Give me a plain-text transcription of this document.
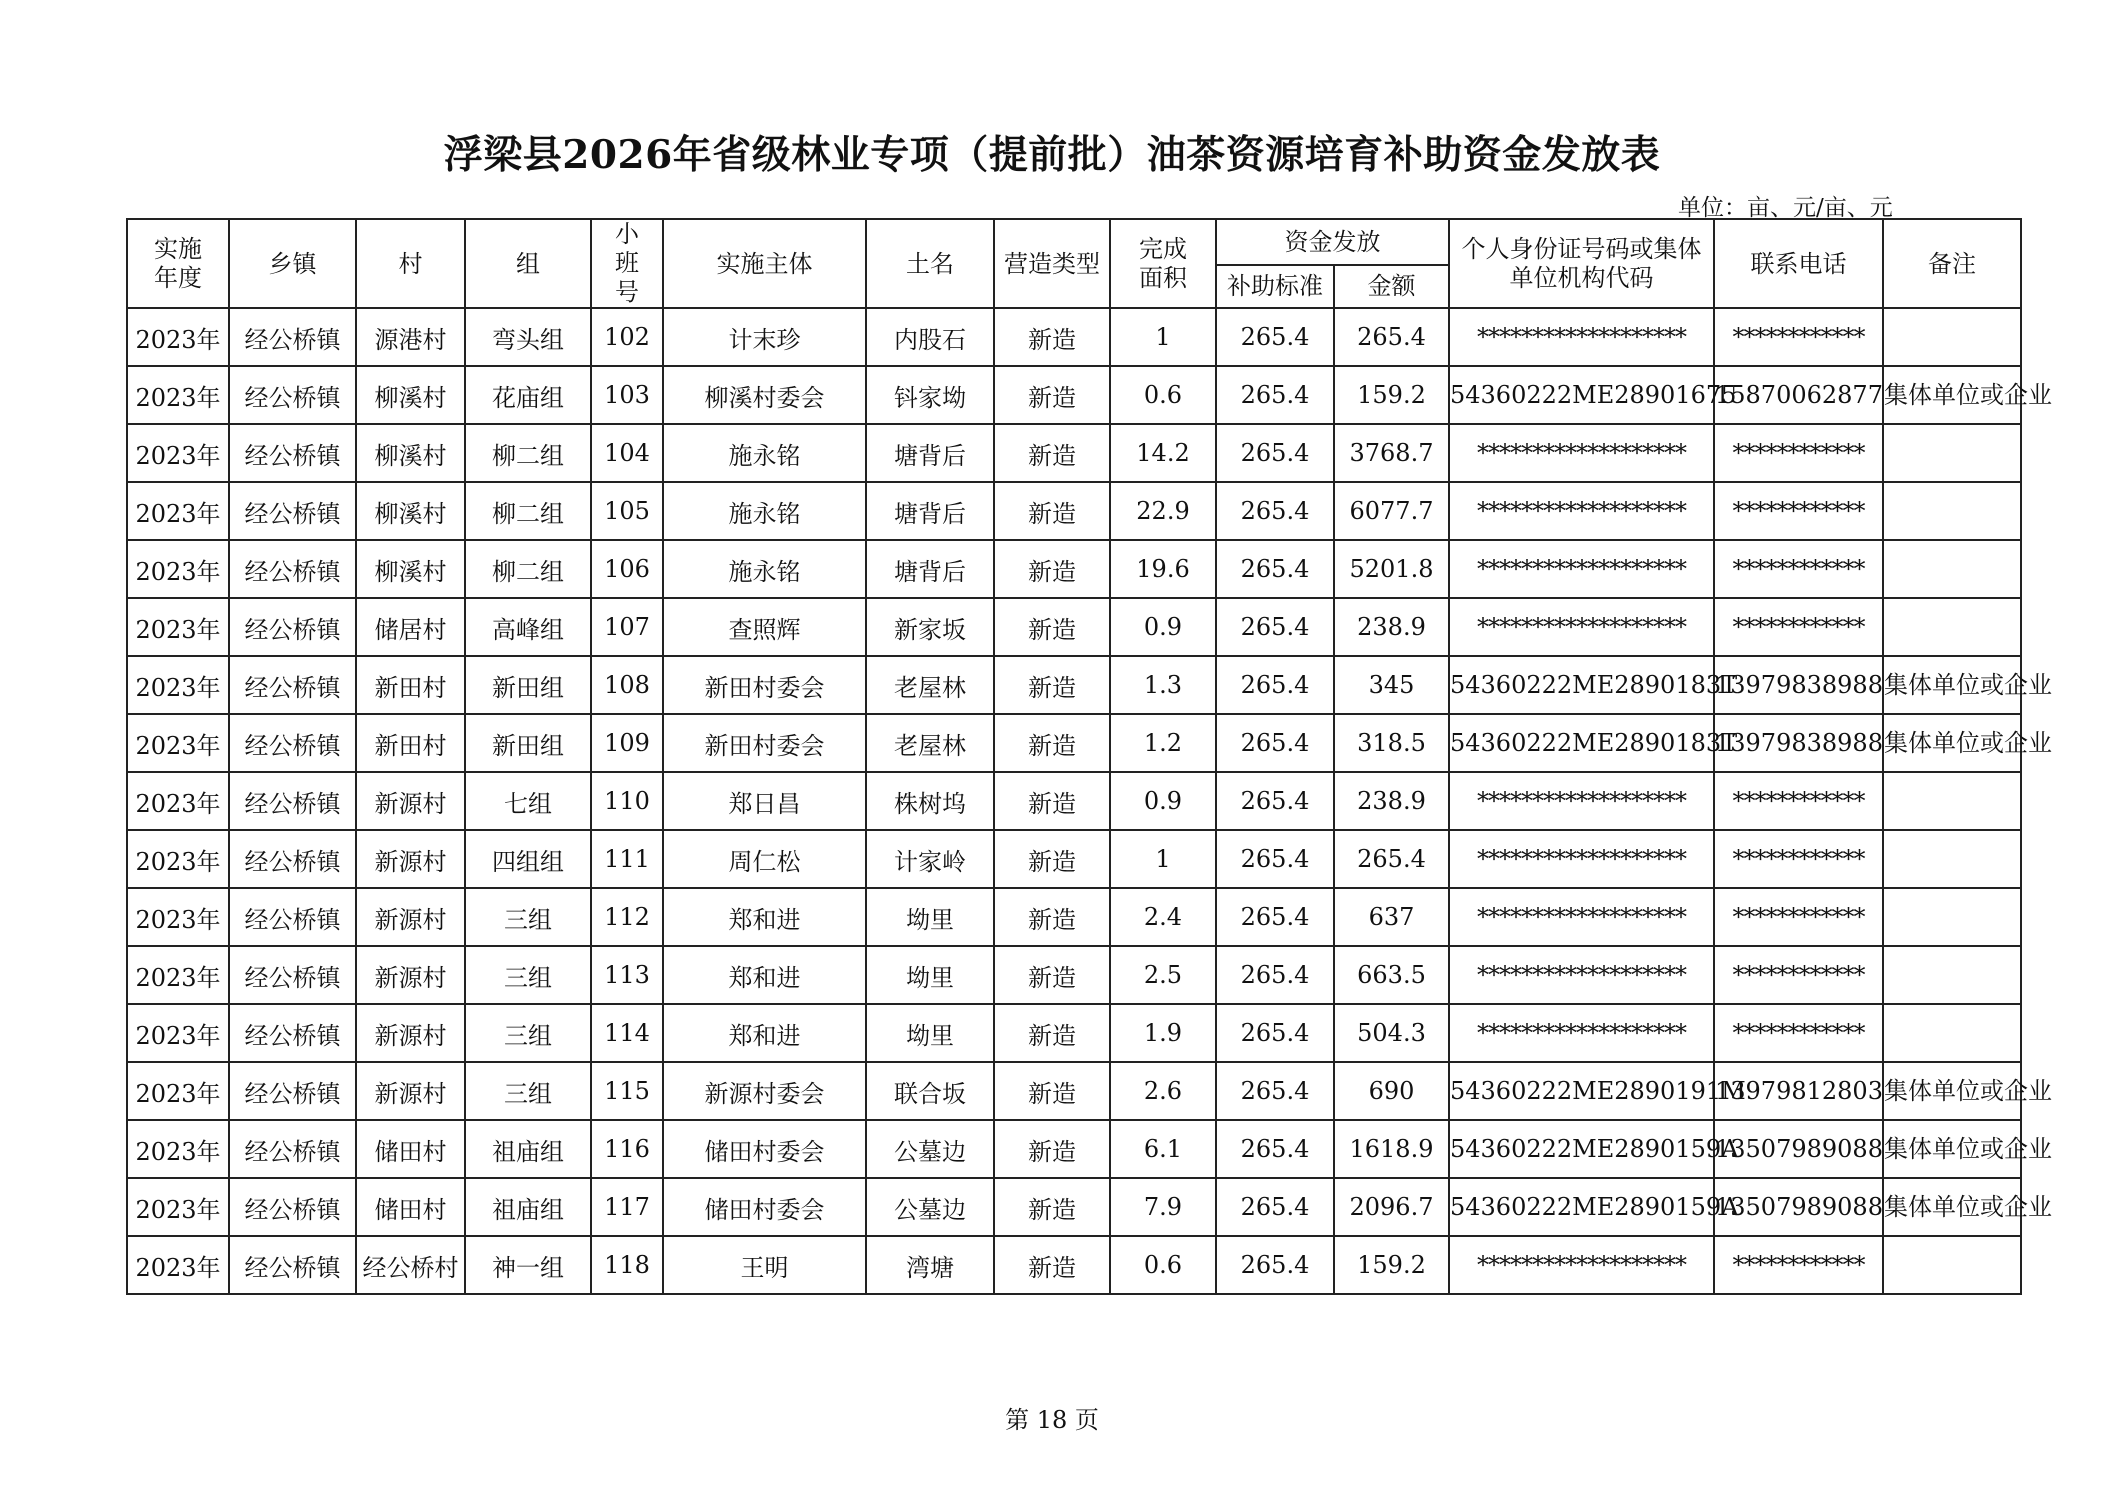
浮梁县2026年省级林业专项（提前批）油茶资源培育补助资金发放表
单位：亩、元/亩、元
实施年度	乡镇	村	组	小班号	实施主体	土名	营造类型	完成面积	资金发放		个人身份证号码或集体单位机构代码	联系电话	备注
									补助标准	金额			
2023年	经公桥镇	源港村	弯头组	102	计末珍	内股石	新造	1	265.4	265.4	*******************	************	
2023年	经公桥镇	柳溪村	花庙组	103	柳溪村委会	钭家坳	新造	0.6	265.4	159.2	54360222ME28901675	15870062877	集体单位或企业
2023年	经公桥镇	柳溪村	柳二组	104	施永铭	塘背后	新造	14.2	265.4	3768.7	*******************	************	
2023年	经公桥镇	柳溪村	柳二组	105	施永铭	塘背后	新造	22.9	265.4	6077.7	*******************	************	
2023年	经公桥镇	柳溪村	柳二组	106	施永铭	塘背后	新造	19.6	265.4	5201.8	*******************	************	
2023年	经公桥镇	储居村	高峰组	107	查照辉	新家坂	新造	0.9	265.4	238.9	*******************	************	
2023年	经公桥镇	新田村	新田组	108	新田村委会	老屋林	新造	1.3	265.4	345	54360222ME2890183T	13979838988	集体单位或企业
2023年	经公桥镇	新田村	新田组	109	新田村委会	老屋林	新造	1.2	265.4	318.5	54360222ME2890183T	13979838988	集体单位或企业
2023年	经公桥镇	新源村	七组	110	郑日昌	株树坞	新造	0.9	265.4	238.9	*******************	************	
2023年	经公桥镇	新源村	四组组	111	周仁松	计家岭	新造	1	265.4	265.4	*******************	************	
2023年	经公桥镇	新源村	三组	112	郑和进	坳里	新造	2.4	265.4	637	*******************	************	
2023年	经公桥镇	新源村	三组	113	郑和进	坳里	新造	2.5	265.4	663.5	*******************	************	
2023年	经公桥镇	新源村	三组	114	郑和进	坳里	新造	1.9	265.4	504.3	*******************	************	
2023年	经公桥镇	新源村	三组	115	新源村委会	联合坂	新造	2.6	265.4	690	54360222ME2890191M	13979812803	集体单位或企业
2023年	经公桥镇	储田村	祖庙组	116	储田村委会	公墓边	新造	6.1	265.4	1618.9	54360222ME2890159A	13507989088	集体单位或企业
2023年	经公桥镇	储田村	祖庙组	117	储田村委会	公墓边	新造	7.9	265.4	2096.7	54360222ME2890159A	13507989088	集体单位或企业
2023年	经公桥镇	经公桥村	神一组	118	王明	湾塘	新造	0.6	265.4	159.2	*******************	************	
第 18 页
